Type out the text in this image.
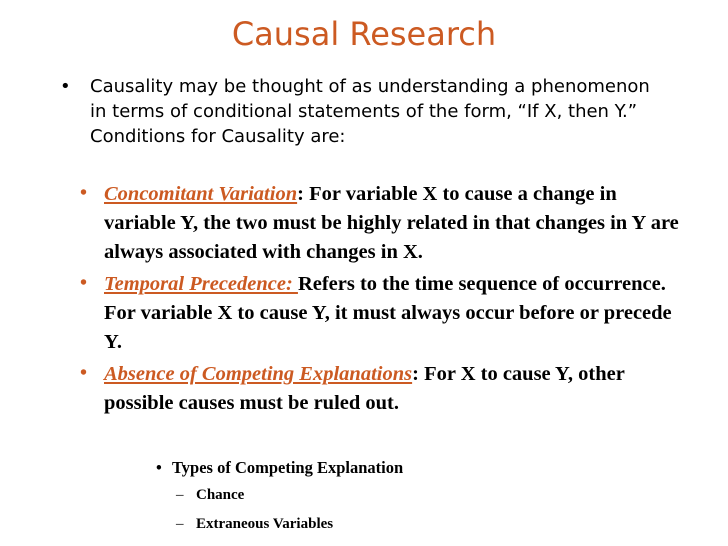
Causal Research
•	Causality may be thought of as understanding a phenomenon in terms of conditional statements of the form, “If X, then Y.” Conditions for Causality are:
• Concomitant Variation: For variable X to cause a change in variable Y, the two must be highly related in that changes in Y are always associated with changes in X.
• Temporal Precedence: Refers to the time sequence of occurrence. For variable X to cause Y, it must always occur before or precede Y.
• Absence of Competing Explanations: For X to cause Y, other possible causes must be ruled out.
• Types of Competing Explanation
– Chance
– Extraneous Variables
